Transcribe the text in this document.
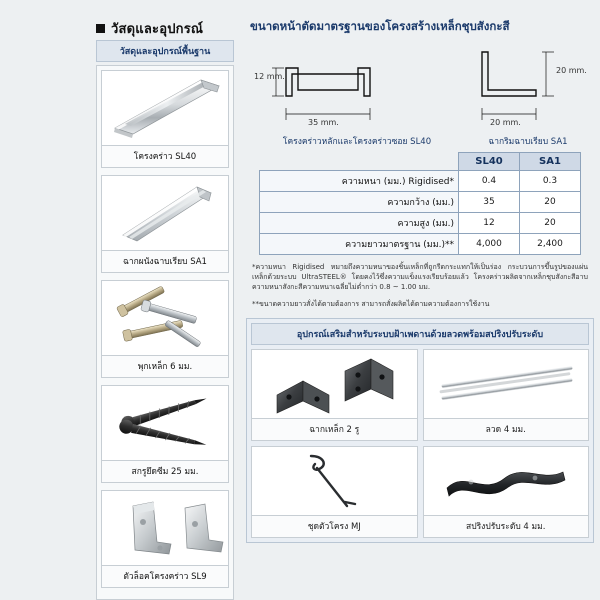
วัสดุและอุปกรณ์	ขนาดหน้าตัดมาตรฐานของโครงสร้างเหล็กชุบสังกะสี
วัสดุและอุปกรณ์พื้นฐาน
โครงคร่าว SL40
ฉากผนังฉาบเรียบ SA1
พุกเหล็ก 6 มม.
สกรูยึดซีม 25 มม.
ตัวล็อคโครงคร่าว SL9
12 mm.
35 mm.
20 mm.
20 mm.
โครงคร่าวหลักและโครงคร่าวซอย SL40	ฉากริมฉาบเรียบ SA1
	SL40	SA1
ความหนา (มม.) Rigidised*	0.4	0.3
ความกว้าง (มม.)	35	20
ความสูง (มม.)	12	20
ความยาวมาตรฐาน (มม.)**	4,000	2,400
*ความหนา Rigidised หมายถึงความหนาของชิ้นเหล็กที่ถูกรีดกระแทกให้เป็นร่อง กระบวนการขึ้นรูปของแผ่นเหล็กด้วยระบบ UltraSTEEL® โดยคงไว้ซึ่งความแข็งแรงเรียบร้อยแล้ว โครงคร่าวผลิตจากเหล็กชุบสังกะสีอาบความหนาสังกะสีความหนาเฉลี่ยไม่ต่ำกว่า 0.8 ~ 1.00 มม.
**ขนาดความยาวสั่งได้ตามต้องการ สามารถสั่งผลิตได้ตามความต้องการใช้งาน
อุปกรณ์เสริมสำหรับระบบฝ้าเพดานด้วยลวดพร้อมสปริงปรับระดับ
ฉากเหล็ก 2 รู	ลวด 4 มม.
ชุดตัวโครง MJ	สปริงปรับระดับ 4 มม.
